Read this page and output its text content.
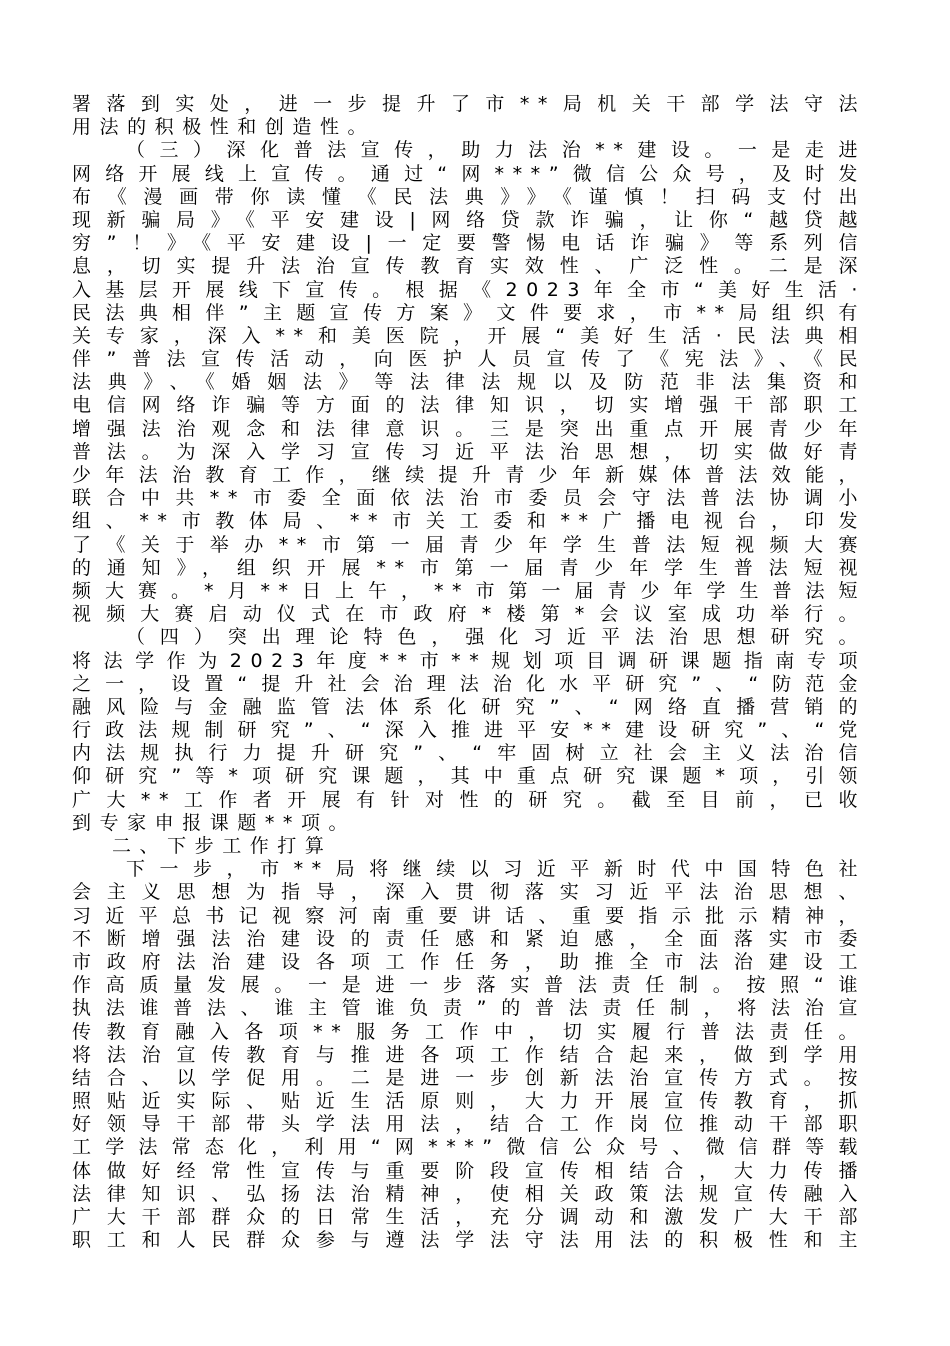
署落到实处，进一步提升了市**局机关干部学法守法
用法的积极性和创造性。
（三）深化普法宣传，助力法治**建设。一是走进
网络开展线上宣传。通过“网***”微信公众号，及时发
布《漫画带你读懂《民法典》》《谨慎！扫码支付出
现新骗局》《平安建设|网络贷款诈骗，让你“越贷越
穷”！》《平安建设|一定要警惕电话诈骗》等系列信
息，切实提升法治宣传教育实效性、广泛性。二是深
入基层开展线下宣传。根据《2023年全市“美好生活·
民法典相伴”主题宣传方案》文件要求，市**局组织有
关专家，深入**和美医院，开展“美好生活·民法典相
伴”普法宣传活动，向医护人员宣传了《宪法》、《民
法典》、《婚姻法》等法律法规以及防范非法集资和
电信网络诈骗等方面的法律知识，切实增强干部职工
增强法治观念和法律意识。三是突出重点开展青少年
普法。为深入学习宣传习近平法治思想，切实做好青
少年法治教育工作，继续提升青少年新媒体普法效能，
联合中共**市委全面依法治市委员会守法普法协调小
组、**市教体局、**市关工委和**广播电视台，印发
了《关于举办**市第一届青少年学生普法短视频大赛
的通知》，组织开展**市第一届青少年学生普法短视
频大赛。*月**日上午，**市第一届青少年学生普法短
视频大赛启动仪式在市政府*楼第*会议室成功举行。
（四）突出理论特色，强化习近平法治思想研究。
将法学作为2023年度**市**规划项目调研课题指南专项
之一，设置“提升社会治理法治化水平研究”、“防范金
融风险与金融监管法体系化研究”、“网络直播营销的
行政法规制研究”、“深入推进平安**建设研究”、“党
内法规执行力提升研究”、“牢固树立社会主义法治信
仰研究”等*项研究课题，其中重点研究课题*项，引领
广大**工作者开展有针对性的研究。截至目前，已收
到专家申报课题**项。
二、下步工作打算
下一步，市**局将继续以习近平新时代中国特色社
会主义思想为指导，深入贯彻落实习近平法治思想、
习近平总书记视察河南重要讲话、重要指示批示精神，
不断增强法治建设的责任感和紧迫感，全面落实市委
市政府法治建设各项工作任务，助推全市法治建设工
作高质量发展。一是进一步落实普法责任制。按照“谁
执法谁普法、谁主管谁负责”的普法责任制，将法治宣
传教育融入各项**服务工作中，切实履行普法责任。
将法治宣传教育与推进各项工作结合起来，做到学用
结合、以学促用。二是进一步创新法治宣传方式。按
照贴近实际、贴近生活原则，大力开展宣传教育，抓
好领导干部带头学法用法，结合工作岗位推动干部职
工学法常态化，利用“网***”微信公众号、微信群等载
体做好经常性宣传与重要阶段宣传相结合，大力传播
法律知识、弘扬法治精神，使相关政策法规宣传融入
广大干部群众的日常生活，充分调动和激发广大干部
职工和人民群众参与遵法学法守法用法的积极性和主
